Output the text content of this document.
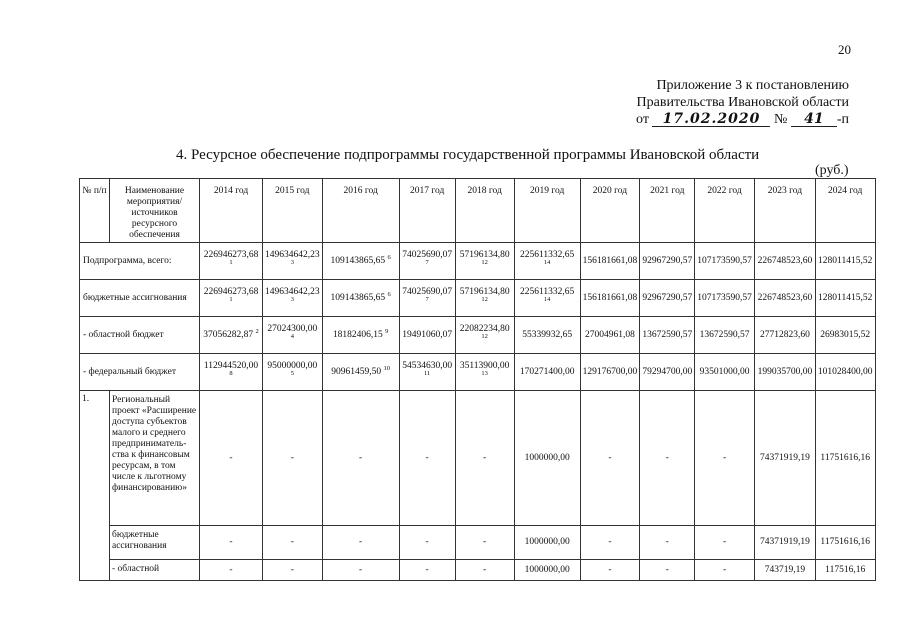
20
Приложение 3 к постановлению
Правительства Ивановской области
от 17.02.2020 № 41 -п
4. Ресурсное обеспечение подпрограммы государственной программы Ивановской области
(руб.)
№ п/п	Наименование мероприятия/источников ресурсного обеспечения	2014 год	2015 год	2016 год	2017 год	2018 год	2019 год	2020 год	2021 год	2022 год	2023 год	2024 год
Подпрограмма, всего:		226946273,68 $^1$	149634642,23 $^3$	109143865,65 $^6$	74025690,07 $^7$	57196134,80 $^{12}$	225611332,65 $^{14}$	156181661,08	92967290,57	107173590,57	226748523,60	128011415,52
бюджетные ассигнования		226946273,68 $^1$	149634642,23 $^3$	109143865,65 $^6$	74025690,07 $^7$	57196134,80 $^{12}$	225611332,65 $^{14}$	156181661,08	92967290,57	107173590,57	226748523,60	128011415,52
- областной бюджет		37056282,87 $^2$	27024300,00 $^4$	18182406,15 $^9$	19491060,07	22082234,80 $^{12}$	55339932,65	27004961,08	13672590,57	13672590,57	27712823,60	26983015,52
- федеральный бюджет		112944520,00 $^8$	95000000,00 $^5$	90961459,50 $^{10}$	54534630,00 $^{11}$	35113900,00 $^{13}$	170271400,00	129176700,00	79294700,00	93501000,00	199035700,00	101028400,00
1.	Региональный проект «Расширение доступа субъектов малого и среднего предприниматель-ства к финансовым ресурсам, в том числе к льготному финансированию»	-	-	-	-	-	1000000,00	-	-	-	74371919,19	11751616,16
	бюджетные ассигнования	-	-	-	-	-	1000000,00	-	-	-	74371919,19	11751616,16
	- областной	-	-	-	-	-	1000000,00	-	-	-	743719,19	117516,16
